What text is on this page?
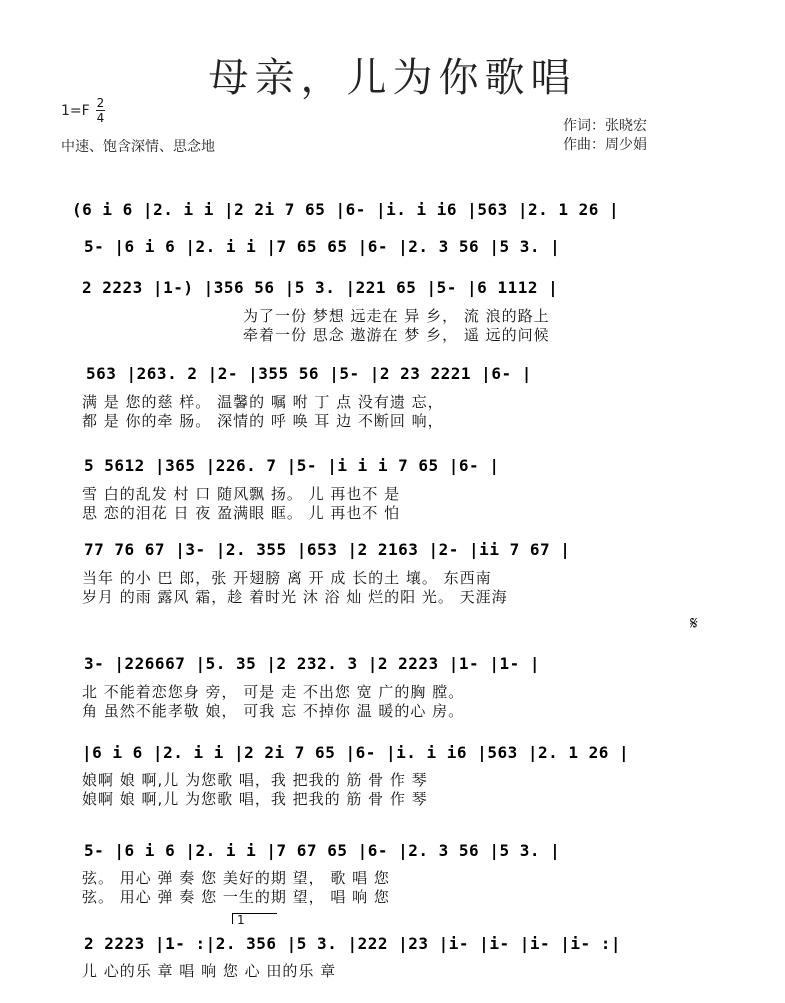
母亲，儿为你歌唱
1=F 2
4
中速、饱含深情、思念地
作词：张晓宏
作曲：周少娟
(6 i 6 |2. i i |2 2i 7 65 |6- |i. i i6 |563 |2. 1 26 |
5- |6 i 6 |2. i i |7 65 65 |6- |2. 3 56 |5 3. |
2 2223 |1-) |356 56 |5 3. |221 65 |5- |6 1112 |
为了一份 梦想 远走在 异 乡， 流 浪的路上
牵着一份 思念 遨游在 梦 乡， 遥 远的问候
563 |263. 2 |2- |355 56 |5- |2 23 2221 |6- |
满 是 您的慈 样。 温馨的 嘱 咐 丁 点 没有遗 忘，
都 是 你的牵 肠。 深情的 呼 唤 耳 边 不断回 响，
5 5612 |365 |226. 7 |5- |i i i 7 65 |6- |
雪 白的乱发 村 口 随风飘 扬。 儿 再也不 是
思 恋的泪花 日 夜 盈满眼 眶。 儿 再也不 怕
77 76 67 |3- |2. 355 |653 |2 2163 |2- |ii 7 67 |
当年 的小 巴 郎，张 开翅膀 离 开 成 长的土 壤。 东西南
岁月 的雨 露风 霜，趁 着时光 沐 浴 灿 烂的阳 光。 天涯海
𝄋
3- |226667 |5. 35 |2 232. 3 |2 2223 |1- |1- |
北 不能着恋您身 旁， 可是 走 不出您 宽 广的胸 膛。
角 虽然不能孝敬 娘， 可我 忘 不掉你 温 暖的心 房。
|6 i 6 |2. i i |2 2i 7 65 |6- |i. i i6 |563 |2. 1 26 |
娘啊 娘 啊,儿 为您歌 唱，我 把我的 筋 骨 作 琴
娘啊 娘 啊,儿 为您歌 唱，我 把我的 筋 骨 作 琴
5- |6 i 6 |2. i i |7 67 65 |6- |2. 3 56 |5 3. |
弦。 用心 弹 奏 您 美好的期 望， 歌 唱 您
弦。 用心 弹 奏 您 一生的期 望， 唱 响 您
1
2 2223 |1- :|2. 356 |5 3. |222 |23 |i- |i- |i- |i- :|
儿 心的乐 章 唱 响 您 心 田的乐 章
